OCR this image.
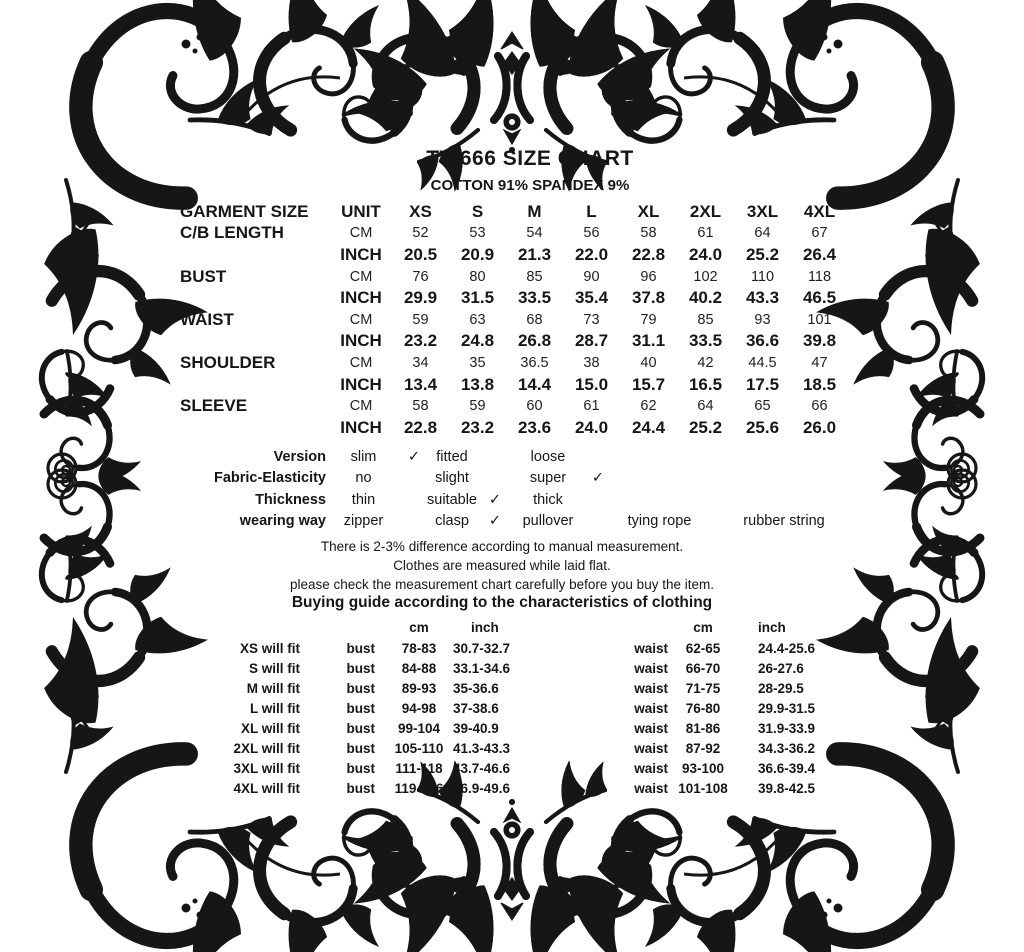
TW666 SIZE CHART
COTTON 91% SPANDEX 9%
GARMENT SIZE	UNIT	XS	S	M	L	XL	2XL	3XL	4XL
C/B LENGTH	CM	52	53	54	56	58	61	64	67
INCH	20.5	20.9	21.3	22.0	22.8	24.0	25.2	26.4
BUST	CM	76	80	85	90	96	102	110	118
INCH	29.9	31.5	33.5	35.4	37.8	40.2	43.3	46.5
WAIST	CM	59	63	68	73	79	85	93	101
INCH	23.2	24.8	26.8	28.7	31.1	33.5	36.6	39.8
SHOULDER	CM	34	35	36.5	38	40	42	44.5	47
INCH	13.4	13.8	14.4	15.0	15.7	16.5	17.5	18.5
SLEEVE	CM	58	59	60	61	62	64	65	66
INCH	22.8	23.2	23.6	24.0	24.4	25.2	25.6	26.0
Version	slim	✓	fitted	loose
Fabric-Elasticity	no	slight	super	✓
Thickness	thin	suitable ✓	thick
wearing way	zipper	clasp	✓	pullover	tying rope	rubber string
There is 2-3% difference according to manual measurement.
Clothes are measured while laid flat.
please check the measurement chart carefully before you buy the item.
Buying guide according to the characteristics of clothing
cm	inch	cm	inch
XS will fit	bust	78-83	30.7-32.7	waist	62-65	24.4-25.6
S will fit	bust	84-88	33.1-34.6	waist	66-70	26-27.6
M will fit	bust	89-93	35-36.6	waist	71-75	28-29.5
L will fit	bust	94-98	37-38.6	waist	76-80	29.9-31.5
XL will fit	bust	99-104 39-40.9	waist	81-86	31.9-33.9
2XL will fit	bust	105-110 41.3-43.3	waist	87-92	34.3-36.2
3XL will fit	bust	111-118 43.7-46.6	waist	93-100	36.6-39.4
4XL will fit	bust	119-126 46.9-49.6	waist 101-108	39.8-42.5
